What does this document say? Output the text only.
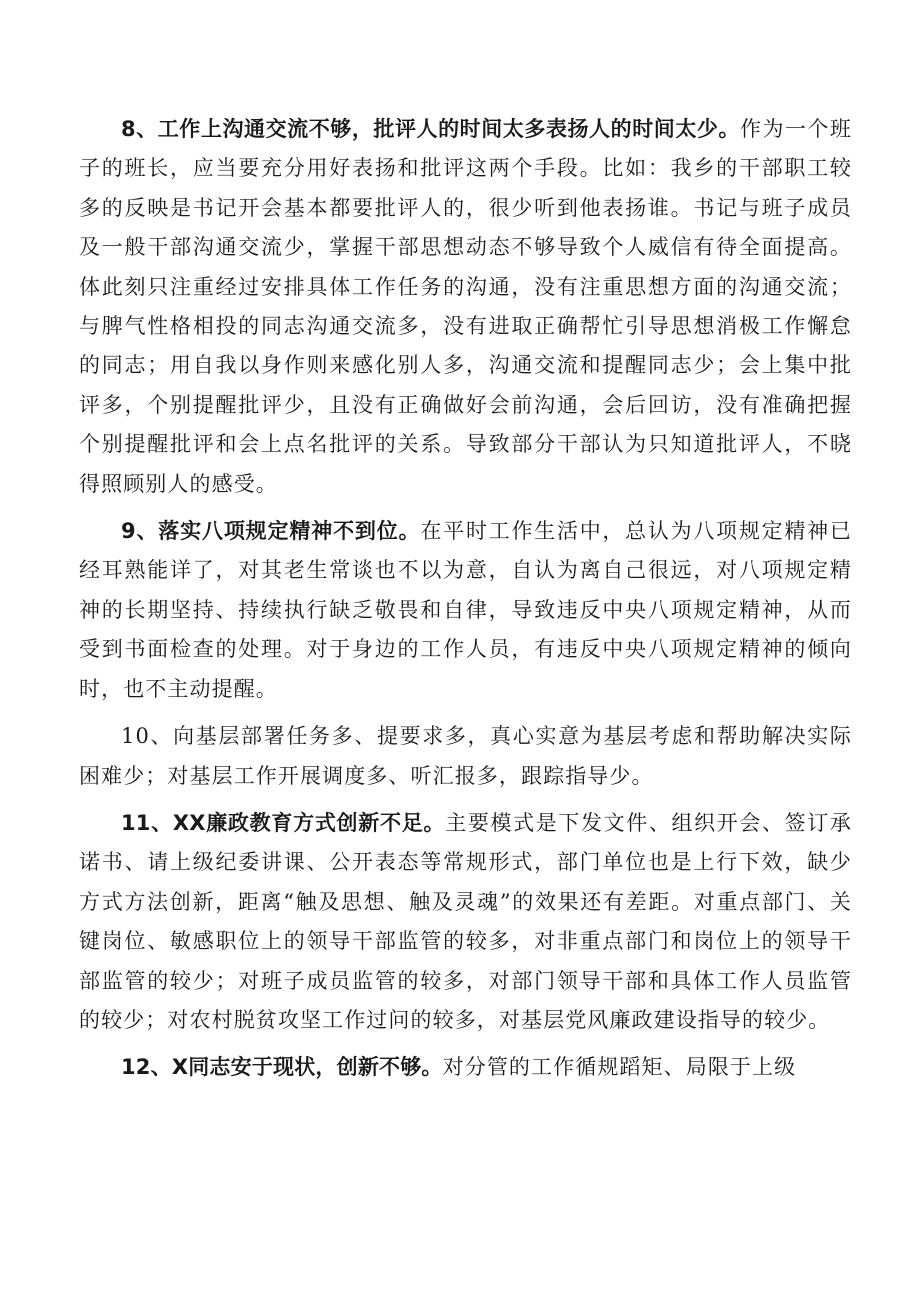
8、工作上沟通交流不够，批评人的时间太多表扬人的时间太少。作为一个班子的班长，应当要充分用好表扬和批评这两个手段。比如：我乡的干部职工较多的反映是书记开会基本都要批评人的，很少听到他表扬谁。书记与班子成员及一般干部沟通交流少，掌握干部思想动态不够导致个人威信有待全面提高。体此刻只注重经过安排具体工作任务的沟通，没有注重思想方面的沟通交流；与脾气性格相投的同志沟通交流多，没有进取正确帮忙引导思想消极工作懈怠的同志；用自我以身作则来感化别人多，沟通交流和提醒同志少；会上集中批评多，个别提醒批评少，且没有正确做好会前沟通，会后回访，没有准确把握个别提醒批评和会上点名批评的关系。导致部分干部认为只知道批评人，不晓得照顾别人的感受。

9、落实八项规定精神不到位。在平时工作生活中，总认为八项规定精神已经耳熟能详了，对其老生常谈也不以为意，自认为离自己很远，对八项规定精神的长期坚持、持续执行缺乏敬畏和自律，导致违反中央八项规定精神，从而受到书面检查的处理。对于身边的工作人员，有违反中央八项规定精神的倾向时，也不主动提醒。

10、向基层部署任务多、提要求多，真心实意为基层考虑和帮助解决实际困难少；对基层工作开展调度多、听汇报多，跟踪指导少。

11、XX廉政教育方式创新不足。主要模式是下发文件、组织开会、签订承诺书、请上级纪委讲课、公开表态等常规形式，部门单位也是上行下效，缺少方式方法创新，距离“触及思想、触及灵魂”的效果还有差距。对重点部门、关键岗位、敏感职位上的领导干部监管的较多，对非重点部门和岗位上的领导干部监管的较少；对班子成员监管的较多，对部门领导干部和具体工作人员监管的较少；对农村脱贫攻坚工作过问的较多，对基层党风廉政建设指导的较少。

12、X同志安于现状，创新不够。对分管的工作循规蹈矩、局限于上级
